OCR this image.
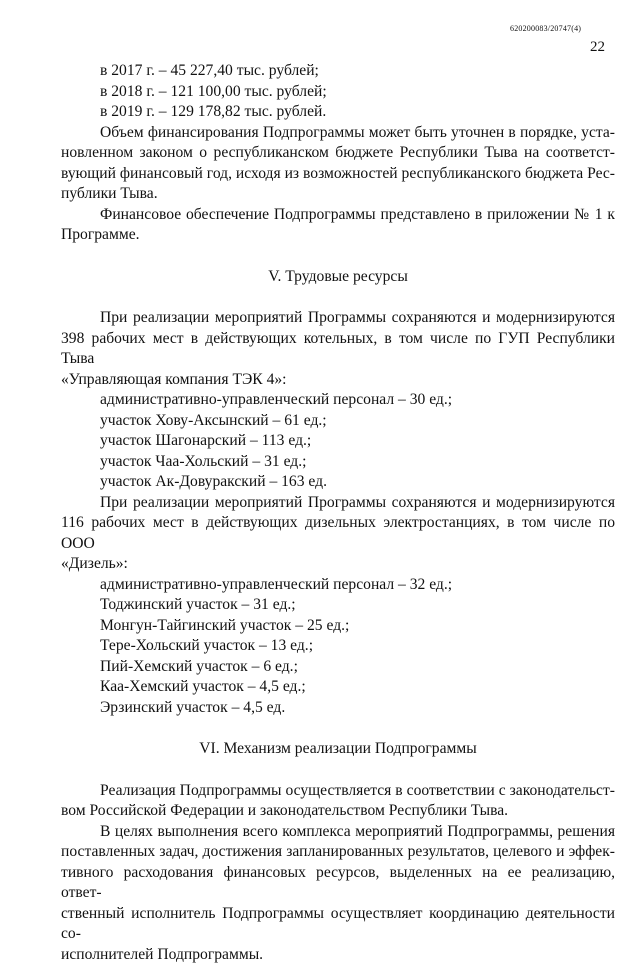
620200083/20747(4)
22
в 2017 г. – 45 227,40 тыс. рублей;
в 2018 г. – 121 100,00 тыс. рублей;
в 2019 г. – 129 178,82 тыс. рублей.
Объем финансирования Подпрограммы может быть уточнен в порядке, уста-
новленном законом о республиканском бюджете Республики Тыва на соответст-
вующий финансовый год, исходя из возможностей республиканского бюджета Рес-
публики Тыва.
Финансовое обеспечение Подпрограммы представлено в приложении № 1 к
Программе.
V. Трудовые ресурсы
При реализации мероприятий Программы сохраняются и модернизируются
398 рабочих мест в действующих котельных, в том числе по ГУП Республики Тыва
«Управляющая компания ТЭК 4»:
административно-управленческий персонал – 30 ед.;
участок Хову-Аксынский – 61 ед.;
участок Шагонарский – 113 ед.;
участок Чаа-Хольский – 31 ед.;
участок Ак-Довуракский – 163 ед.
При реализации мероприятий Программы сохраняются и модернизируются
116 рабочих мест в действующих дизельных электростанциях, в том числе по ООО
«Дизель»:
административно-управленческий персонал – 32 ед.;
Тоджинский участок – 31 ед.;
Монгун-Тайгинский участок – 25 ед.;
Тере-Хольский участок – 13 ед.;
Пий-Хемский участок – 6 ед.;
Каа-Хемский участок – 4,5 ед.;
Эрзинский участок – 4,5 ед.
VI. Механизм реализации Подпрограммы
Реализация Подпрограммы осуществляется в соответствии с законодательст-
вом Российской Федерации и законодательством Республики Тыва.
В целях выполнения всего комплекса мероприятий Подпрограммы, решения
поставленных задач, достижения запланированных результатов, целевого и эффек-
тивного расходования финансовых ресурсов, выделенных на ее реализацию, ответ-
ственный исполнитель Подпрограммы осуществляет координацию деятельности со-
исполнителей Подпрограммы.
